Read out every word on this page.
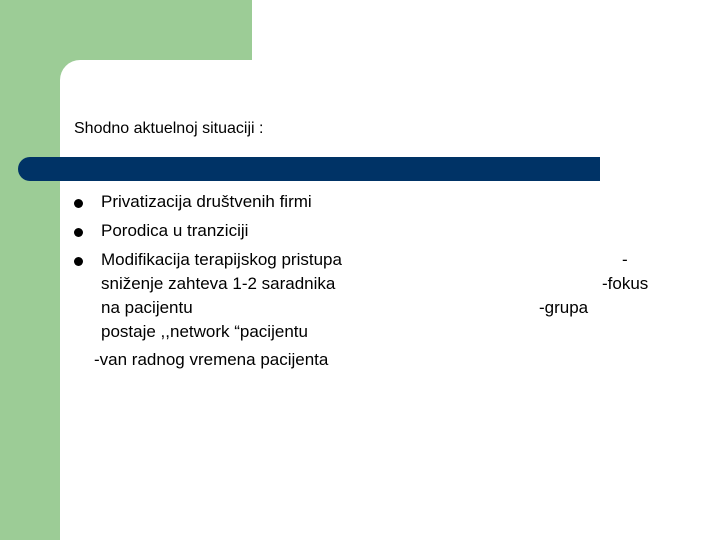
Shodno aktuelnoj situaciji :
Privatizacija društvenih firmi
Porodica u tranziciji
Modifikacija terapijskog pristupa
sniženje zahteva 1-2 saradnika
na pacijentu
postaje ,,network “pacijentu
-van radnog vremena pacijenta
-
-fokus
-grupa
